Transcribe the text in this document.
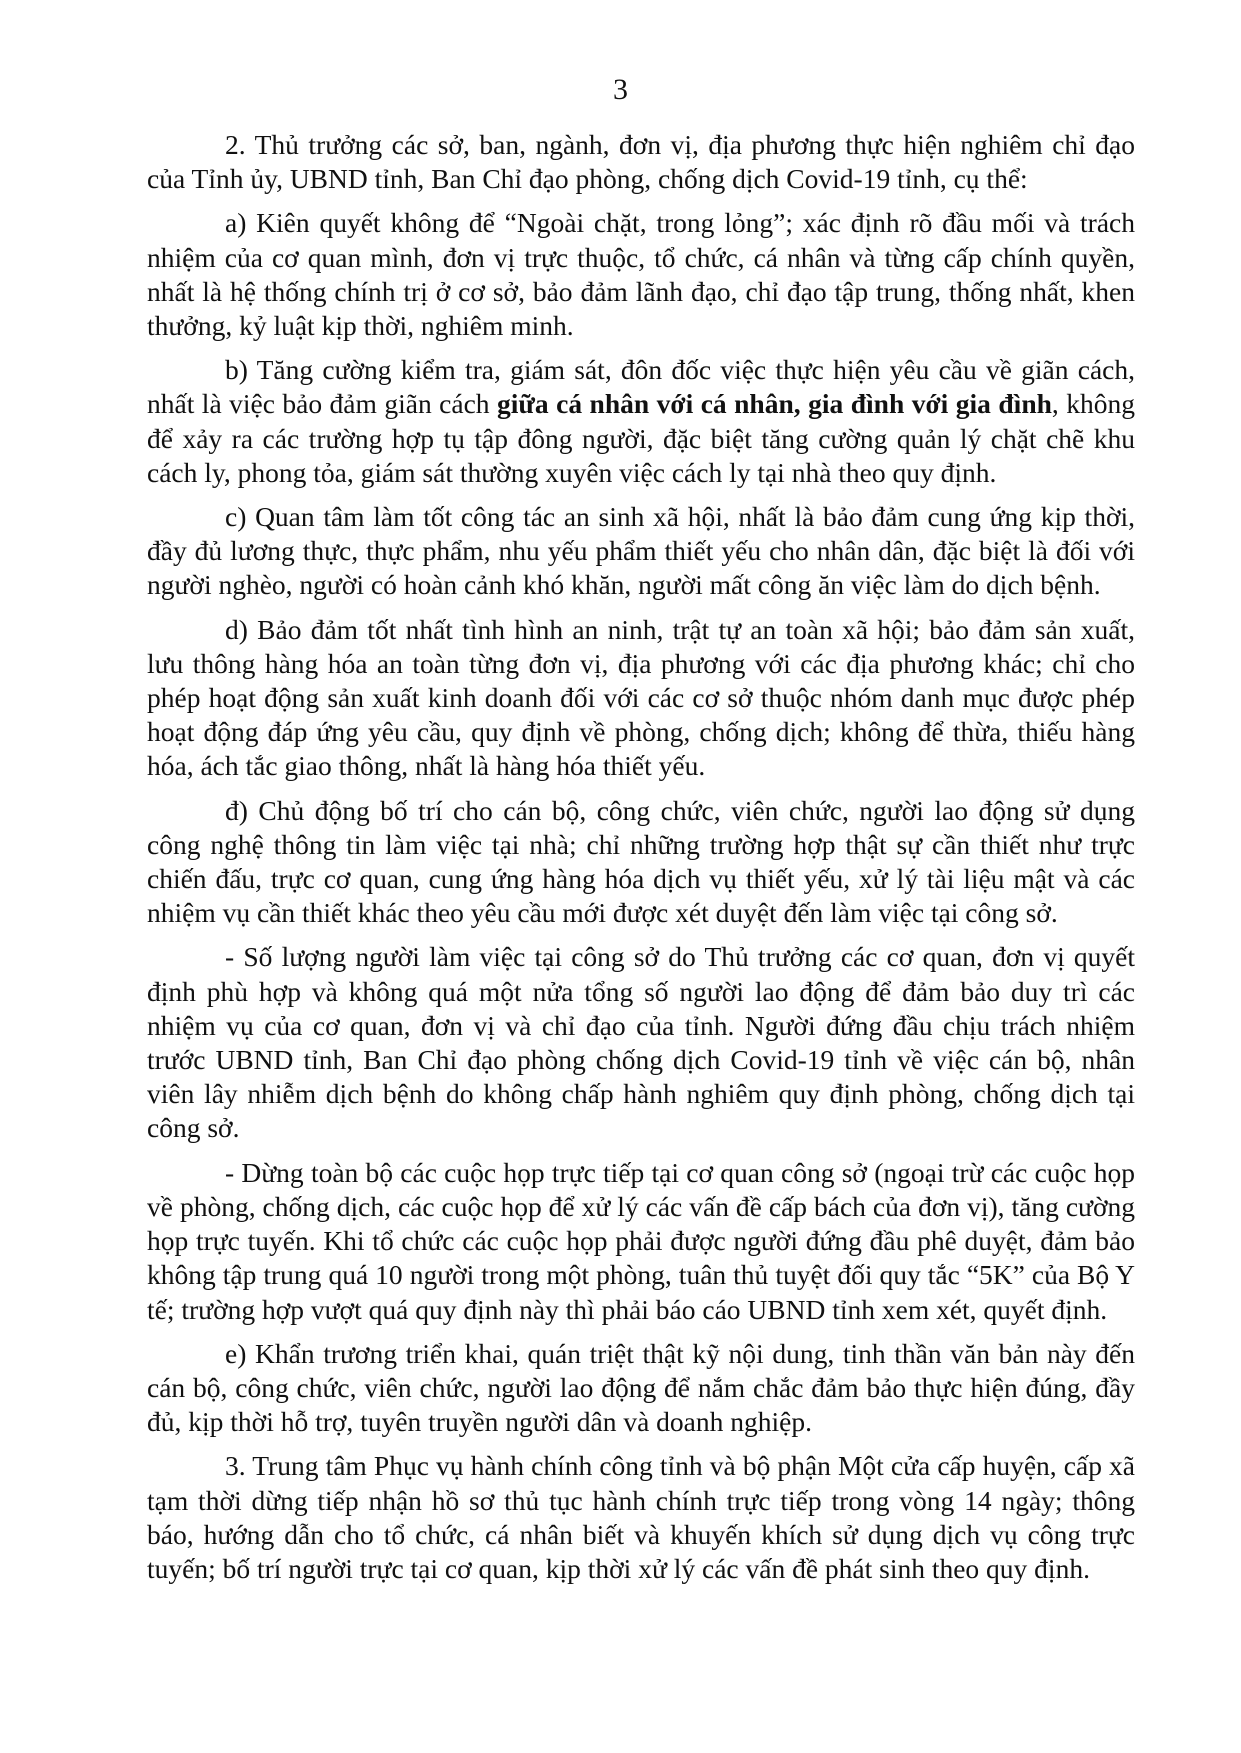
3

2. Thủ trưởng các sở, ban, ngành, đơn vị, địa phương thực hiện nghiêm chỉ đạo của Tỉnh ủy, UBND tỉnh, Ban Chỉ đạo phòng, chống dịch Covid-19 tỉnh, cụ thể:

a) Kiên quyết không để “Ngoài chặt, trong lỏng”; xác định rõ đầu mối và trách nhiệm của cơ quan mình, đơn vị trực thuộc, tổ chức, cá nhân và từng cấp chính quyền, nhất là hệ thống chính trị ở cơ sở, bảo đảm lãnh đạo, chỉ đạo tập trung, thống nhất, khen thưởng, kỷ luật kịp thời, nghiêm minh.

b) Tăng cường kiểm tra, giám sát, đôn đốc việc thực hiện yêu cầu về giãn cách, nhất là việc bảo đảm giãn cách giữa cá nhân với cá nhân, gia đình với gia đình, không để xảy ra các trường hợp tụ tập đông người, đặc biệt tăng cường quản lý chặt chẽ khu cách ly, phong tỏa, giám sát thường xuyên việc cách ly tại nhà theo quy định.

c) Quan tâm làm tốt công tác an sinh xã hội, nhất là bảo đảm cung ứng kịp thời, đầy đủ lương thực, thực phẩm, nhu yếu phẩm thiết yếu cho nhân dân, đặc biệt là đối với người nghèo, người có hoàn cảnh khó khăn, người mất công ăn việc làm do dịch bệnh.

d) Bảo đảm tốt nhất tình hình an ninh, trật tự an toàn xã hội; bảo đảm sản xuất, lưu thông hàng hóa an toàn từng đơn vị, địa phương với các địa phương khác; chỉ cho phép hoạt động sản xuất kinh doanh đối với các cơ sở thuộc nhóm danh mục được phép hoạt động đáp ứng yêu cầu, quy định về phòng, chống dịch; không để thừa, thiếu hàng hóa, ách tắc giao thông, nhất là hàng hóa thiết yếu.

đ) Chủ động bố trí cho cán bộ, công chức, viên chức, người lao động sử dụng công nghệ thông tin làm việc tại nhà; chỉ những trường hợp thật sự cần thiết như trực chiến đấu, trực cơ quan, cung ứng hàng hóa dịch vụ thiết yếu, xử lý tài liệu mật và các nhiệm vụ cần thiết khác theo yêu cầu mới được xét duyệt đến làm việc tại công sở.

- Số lượng người làm việc tại công sở do Thủ trưởng các cơ quan, đơn vị quyết định phù hợp và không quá một nửa tổng số người lao động để đảm bảo duy trì các nhiệm vụ của cơ quan, đơn vị và chỉ đạo của tỉnh. Người đứng đầu chịu trách nhiệm trước UBND tỉnh, Ban Chỉ đạo phòng chống dịch Covid-19 tỉnh về việc cán bộ, nhân viên lây nhiễm dịch bệnh do không chấp hành nghiêm quy định phòng, chống dịch tại công sở.

- Dừng toàn bộ các cuộc họp trực tiếp tại cơ quan công sở (ngoại trừ các cuộc họp về phòng, chống dịch, các cuộc họp để xử lý các vấn đề cấp bách của đơn vị), tăng cường họp trực tuyến. Khi tổ chức các cuộc họp phải được người đứng đầu phê duyệt, đảm bảo không tập trung quá 10 người trong một phòng, tuân thủ tuyệt đối quy tắc “5K” của Bộ Y tế; trường hợp vượt quá quy định này thì phải báo cáo UBND tỉnh xem xét, quyết định.

e) Khẩn trương triển khai, quán triệt thật kỹ nội dung, tinh thần văn bản này đến cán bộ, công chức, viên chức, người lao động để nắm chắc đảm bảo thực hiện đúng, đầy đủ, kịp thời hỗ trợ, tuyên truyền người dân và doanh nghiệp.

3. Trung tâm Phục vụ hành chính công tỉnh và bộ phận Một cửa cấp huyện, cấp xã tạm thời dừng tiếp nhận hồ sơ thủ tục hành chính trực tiếp trong vòng 14 ngày; thông báo, hướng dẫn cho tổ chức, cá nhân biết và khuyến khích sử dụng dịch vụ công trực tuyến; bố trí người trực tại cơ quan, kịp thời xử lý các vấn đề phát sinh theo quy định.
